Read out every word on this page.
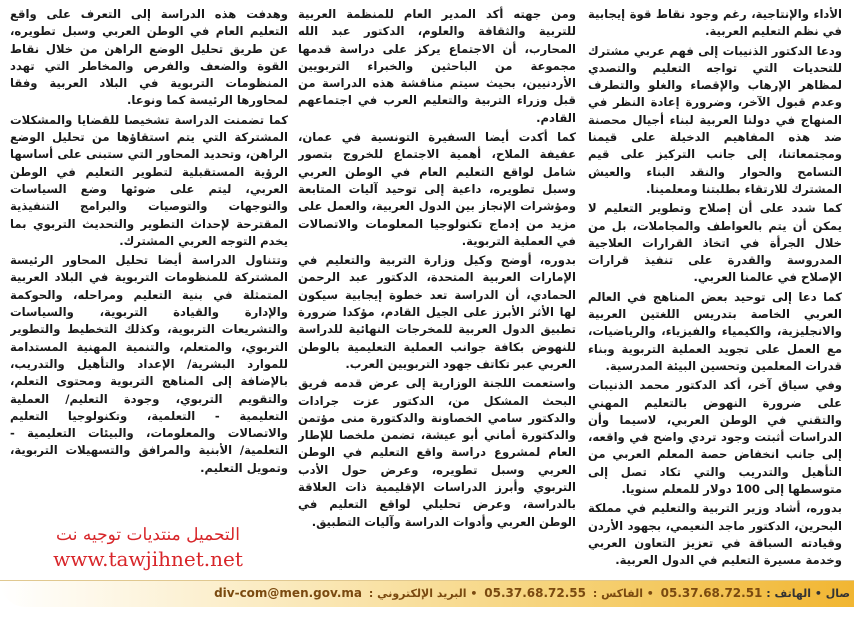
الأداء والإنتاجية، رغم وجود نقاط قوة إيجابية في نظم التعليم العربية.

ودعا الدكتور الذنيبات إلى فهم عربي مشترك للتحديات التي تواجه التعليم والتصدي لمظاهر الإرهاب والإقصاء والغلو والتطرف وعدم قبول الآخر، وضرورة إعادة النظر في المنهاج في دولنا العربية لبناء أجيال محصنة ضد هذه المفاهيم الدخيلة على قيمنا ومجتمعاتنا، إلى جانب التركيز على قيم التسامح والحوار والنقد البناء والعيش المشترك للارتقاء بطلبتنا ومعلمينا.

كما شدد على أن إصلاح وتطوير التعليم لا يمكن أن يتم بالعواطف والمجاملات، بل من خلال الجرأة في اتخاذ القرارات العلاجية المدروسة والقدرة على تنفيذ قرارات الإصلاح في عالمنا العربي.

كما دعا إلى توحيد بعض المناهج في العالم العربي الخاصة بتدريس اللغتين العربية والانجليزية، والكيمياء والفيزياء، والرياضيات، مع العمل على تجويد العملية التربوية وبناء قدرات المعلمين وتحسين البيئة المدرسية.

وفي سياق آخر، أكد الدكتور محمد الذنيبات على ضرورة النهوض بالتعليم المهني والتقني في الوطن العربي، لاسيما وأن الدراسات أثبتت وجود تردي واضح في واقعه، إلى جانب انخفاض حصة المعلم العربي من التأهيل والتدريب والتي تكاد تصل إلى متوسطها إلى 100 دولار للمعلم سنويا.

بدوره، أشاد وزير التربية والتعليم في مملكة البحرين، الدكتور ماجد النعيمي، بجهود الأردن وقيادته السباقة في تعزيز التعاون العربي وخدمة مسيرة التعليم في الدول العربية.

ومن جهته أكد المدير العام للمنظمة العربية للتربية والثقافة والعلوم، الدكتور عبد الله المحارب، أن الاجتماع يركز على دراسة قدمها مجموعة من الباحثين والخبراء التربويين الأردنيين، بحيث سيتم مناقشة هذه الدراسة من قبل وزراء التربية والتعليم العرب في اجتماعهم القادم.

كما أكدت أيضا السفيرة التونسية في عمان، عفيفة الملاح، أهمية الاجتماع للخروج بتصور شامل لواقع التعليم العام في الوطن العربي وسبل تطويره، داعية إلى توحيد آليات المتابعة ومؤشرات الإنجاز بين الدول العربية، والعمل على مزيد من إدماج تكنولوجيا المعلومات والاتصالات في العملية التربوية.

بدوره، أوضح وكيل وزارة التربية والتعليم في الإمارات العربية المتحدة، الدكتور عبد الرحمن الحمادي، أن الدراسة تعد خطوة إيجابية سيكون لها الأثر الأبرز على الجيل القادم، مؤكدا ضرورة تطبيق الدول العربية للمخرجات النهائية للدراسة للنهوض بكافة جوانب العملية التعليمية بالوطن العربي عبر تكاتف جهود التربويين العرب.

واستعمت اللجنة الوزارية إلى عرض قدمه فريق البحث المشكل من، الدكتور عزت جرادات والدكتور سامي الخصاونة والدكتورة منى مؤتمن والدكتورة أماني أبو عيشة، تضمن ملخصا للإطار العام لمشروع دراسة واقع التعليم في الوطن العربي وسبل تطويره، وعرض حول الأدب التربوي وأبرز الدراسات الإقليمية ذات العلاقة بالدراسة، وعرض تحليلي لواقع التعليم في الوطن العربي وأدوات الدراسة وآليات التطبيق.

وهدفت هذه الدراسة إلى التعرف على واقع التعليم العام في الوطن العربي وسبل تطويره، عن طريق تحليل الوضع الراهن من خلال نقاط القوة والضعف والفرص والمخاطر التي تهدد المنظومات التربوية في البلاد العربية وفقا لمحاورها الرئيسة كما ونوعا.

كما تضمنت الدراسة تشخيصا للقضايا والمشكلات المشتركة التي يتم استقاؤها من تحليل الوضع الراهن، وتحديد المحاور التي ستبنى على أساسها الرؤية المستقبلية لتطوير التعليم في الوطن العربي، ليتم على ضوئها وضع السياسات والتوجهات والتوصيات والبرامج التنفيذية المقترحة لإحداث التطوير والتحديث التربوي بما يخدم التوجه العربي المشترك.

وتتناول الدراسة أيضا تحليل المحاور الرئيسة المشتركة للمنظومات التربوية في البلاد العربية المتمثلة في بنية التعليم ومراحله، والحوكمة والإدارة والقيادة التربوية، والسياسات والتشريعات التربوية، وكذلك التخطيط والتطوير التربوي، والمتعلم، والتنمية المهنية المستدامة للموارد البشرية/ الإعداد والتأهيل والتدريب، بالإضافة إلى المناهج التربوية ومحتوى التعلم، والتقويم التربوي، وجودة التعليم/ العملية التعليمية - التعلمية، وتكنولوجيا التعليم والاتصالات والمعلومات، والبيئات التعليمية - التعلمية/ الأبنية والمرافق والتسهيلات التربوية، وتمويل التعليم.

التحميل منتديات توجيه نت
www.tawjihnet.net
صال • الهاتف : 05.37.68.72.51 • الفاكس : 05.37.68.72.55 • البريد الإلكتروني : div-com@men.gov.ma
